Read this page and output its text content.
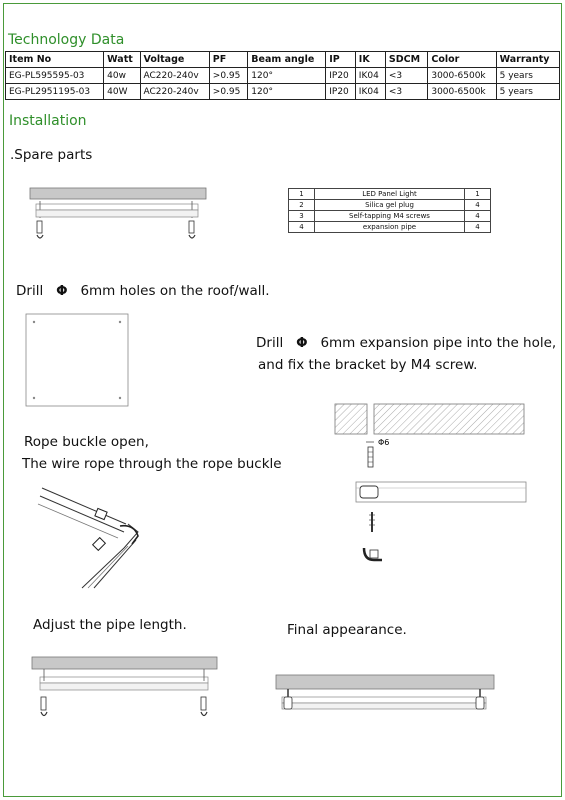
Technology Data
Item No	Watt	Voltage	PF	Beam angle	IP	IK	SDCM	Color	Warranty
EG-PL595595-03	40w	AC220-240v	>0.95	120°	IP20	IK04	<3	3000-6500k	5 years
EG-PL2951195-03	40W	AC220-240v	>0.95	120°	IP20	IK04	<3	3000-6500k	5 years
Installation
.Spare parts
1	LED Panel Light	1
2	Silica gel plug	4
3	Self-tapping M4 screws	4
4	expansion pipe	4
Drill Φ 6mm holes on the roof/wall.
Drill Φ 6mm expansion pipe into the hole,
and fix the bracket by M4 screw.
Φ6
Rope buckle open,
The wire rope through the rope buckle
Adjust the pipe length.	Final appearance.
